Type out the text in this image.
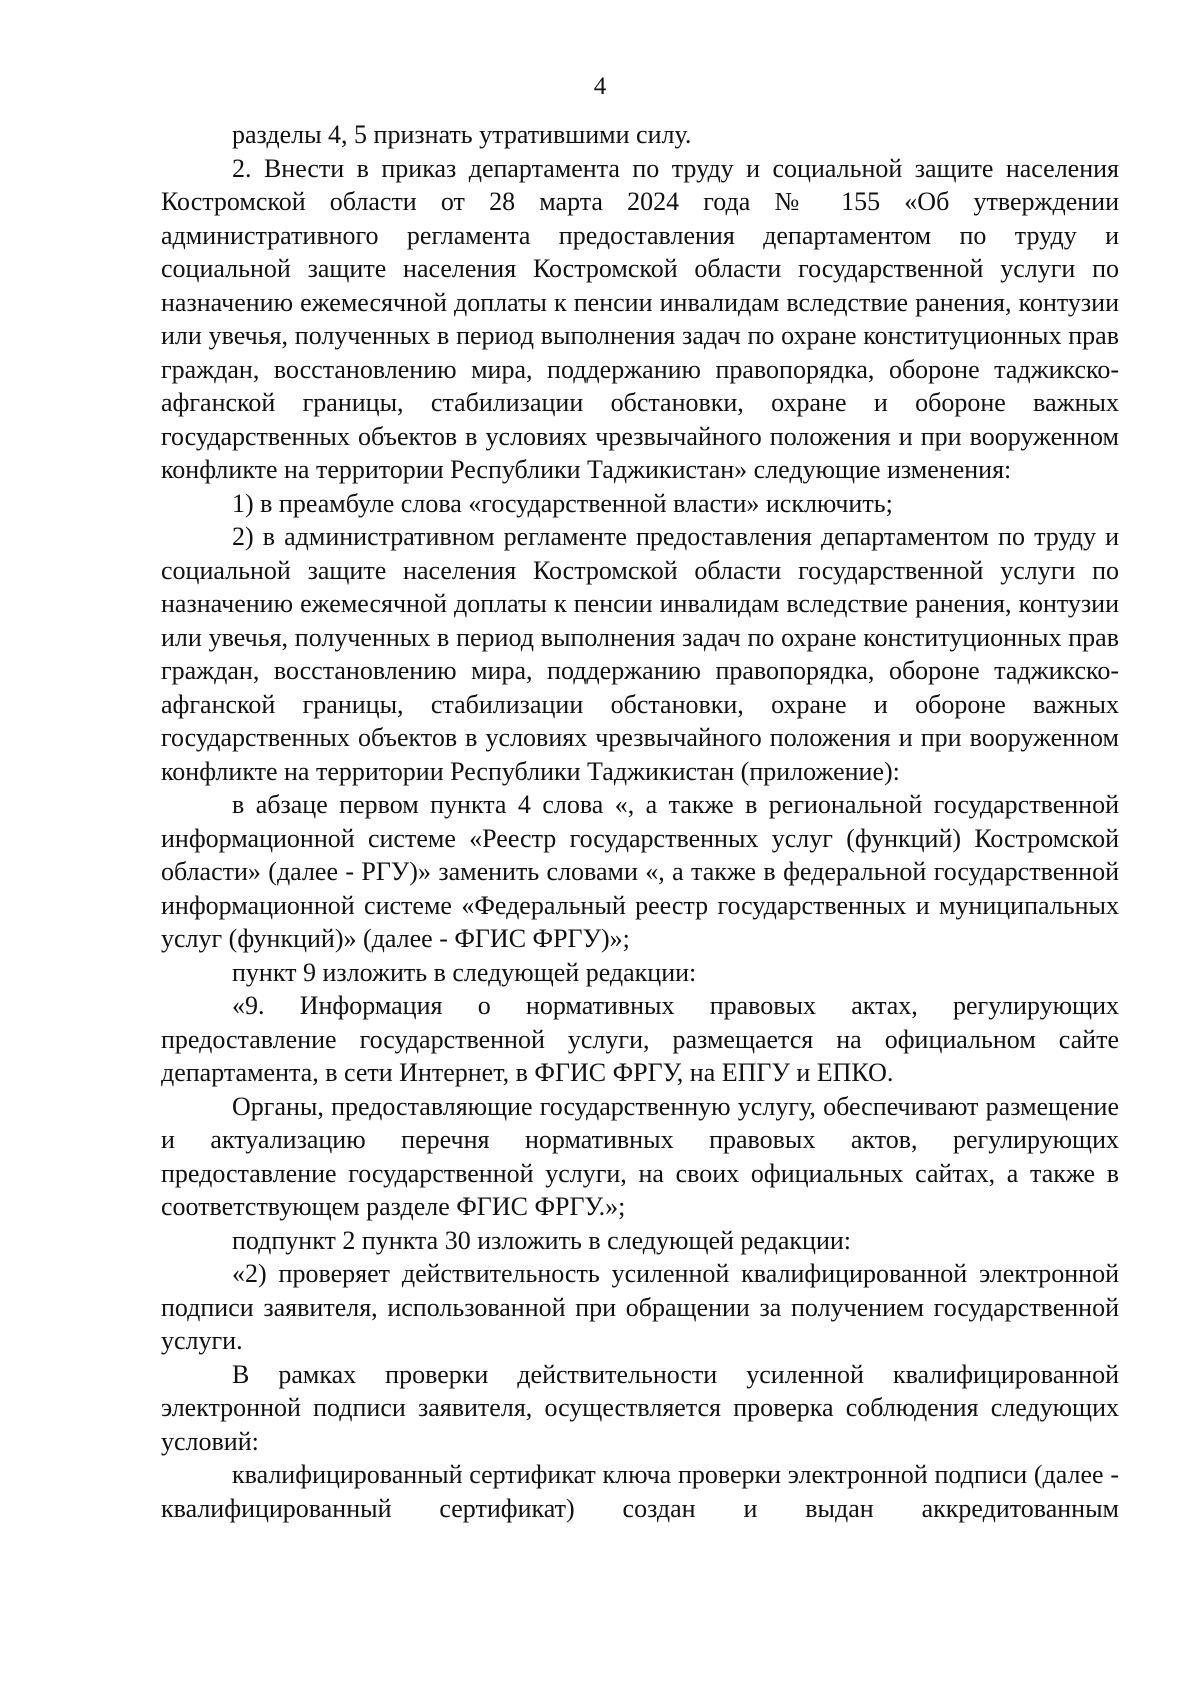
4

разделы 4, 5 признать утратившими силу.

2. Внести в приказ департамента по труду и социальной защите населения Костромской области от 28 марта 2024 года № 155 «Об утверждении административного регламента предоставления департаментом по труду и социальной защите населения Костромской области государственной услуги по назначению ежемесячной доплаты к пенсии инвалидам вследствие ранения, контузии или увечья, полученных в период выполнения задач по охране конституционных прав граждан, восстановлению мира, поддержанию правопорядка, обороне таджикско-афганской границы, стабилизации обстановки, охране и обороне важных государственных объектов в условиях чрезвычайного положения и при вооруженном конфликте на территории Республики Таджикистан» следующие изменения:

1) в преамбуле слова «государственной власти» исключить;

2) в административном регламенте предоставления департаментом по труду и социальной защите населения Костромской области государственной услуги по назначению ежемесячной доплаты к пенсии инвалидам вследствие ранения, контузии или увечья, полученных в период выполнения задач по охране конституционных прав граждан, восстановлению мира, поддержанию правопорядка, обороне таджикско-афганской границы, стабилизации обстановки, охране и обороне важных государственных объектов в условиях чрезвычайного положения и при вооруженном конфликте на территории Республики Таджикистан (приложение):

в абзаце первом пункта 4 слова «, а также в региональной государственной информационной системе «Реестр государственных услуг (функций) Костромской области» (далее - РГУ)» заменить словами «, а также в федеральной государственной информационной системе «Федеральный реестр государственных и муниципальных услуг (функций)» (далее - ФГИС ФРГУ)»;

пункт 9 изложить в следующей редакции:

«9. Информация о нормативных правовых актах, регулирующих предоставление государственной услуги, размещается на официальном сайте департамента, в сети Интернет, в ФГИС ФРГУ, на ЕПГУ и ЕПКО.

Органы, предоставляющие государственную услугу, обеспечивают размещение и актуализацию перечня нормативных правовых актов, регулирующих предоставление государственной услуги, на своих официальных сайтах, а также в соответствующем разделе ФГИС ФРГУ.»;

подпункт 2 пункта 30 изложить в следующей редакции:

«2) проверяет действительность усиленной квалифицированной электронной подписи заявителя, использованной при обращении за получением государственной услуги.

В рамках проверки действительности усиленной квалифицированной электронной подписи заявителя, осуществляется проверка соблюдения следующих условий:

квалифицированный сертификат ключа проверки электронной подписи (далее - квалифицированный сертификат) создан и выдан аккредитованным
